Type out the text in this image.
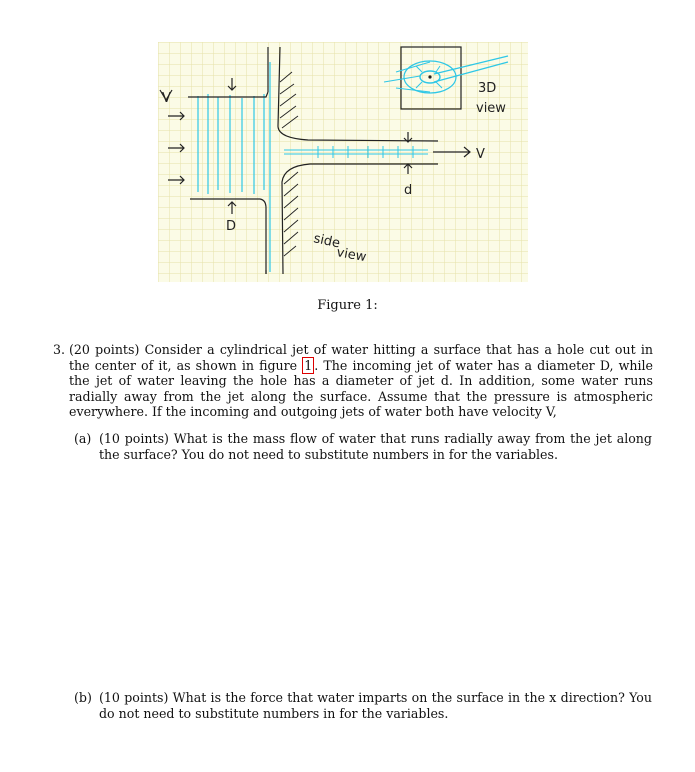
V
D
d
V
3D
view
side
view
Figure 1:
3. (20 points) Consider a cylindrical jet of water hitting a surface that has a hole cut out in the center of it, as shown in figure 1 . The incoming jet of water has a diameter D, while the jet of water leaving the hole has a diameter of jet d. In addition, some water runs radially away from the jet along the surface. Assume that the pressure is atmospheric everywhere. If the incoming and outgoing jets of water both have velocity V,
(a) (10 points) What is the mass flow of water that runs radially away from the jet along the surface? You do not need to substitute numbers in for the variables.
(b) (10 points) What is the force that water imparts on the surface in the x direction? You do not need to substitute numbers in for the variables.
